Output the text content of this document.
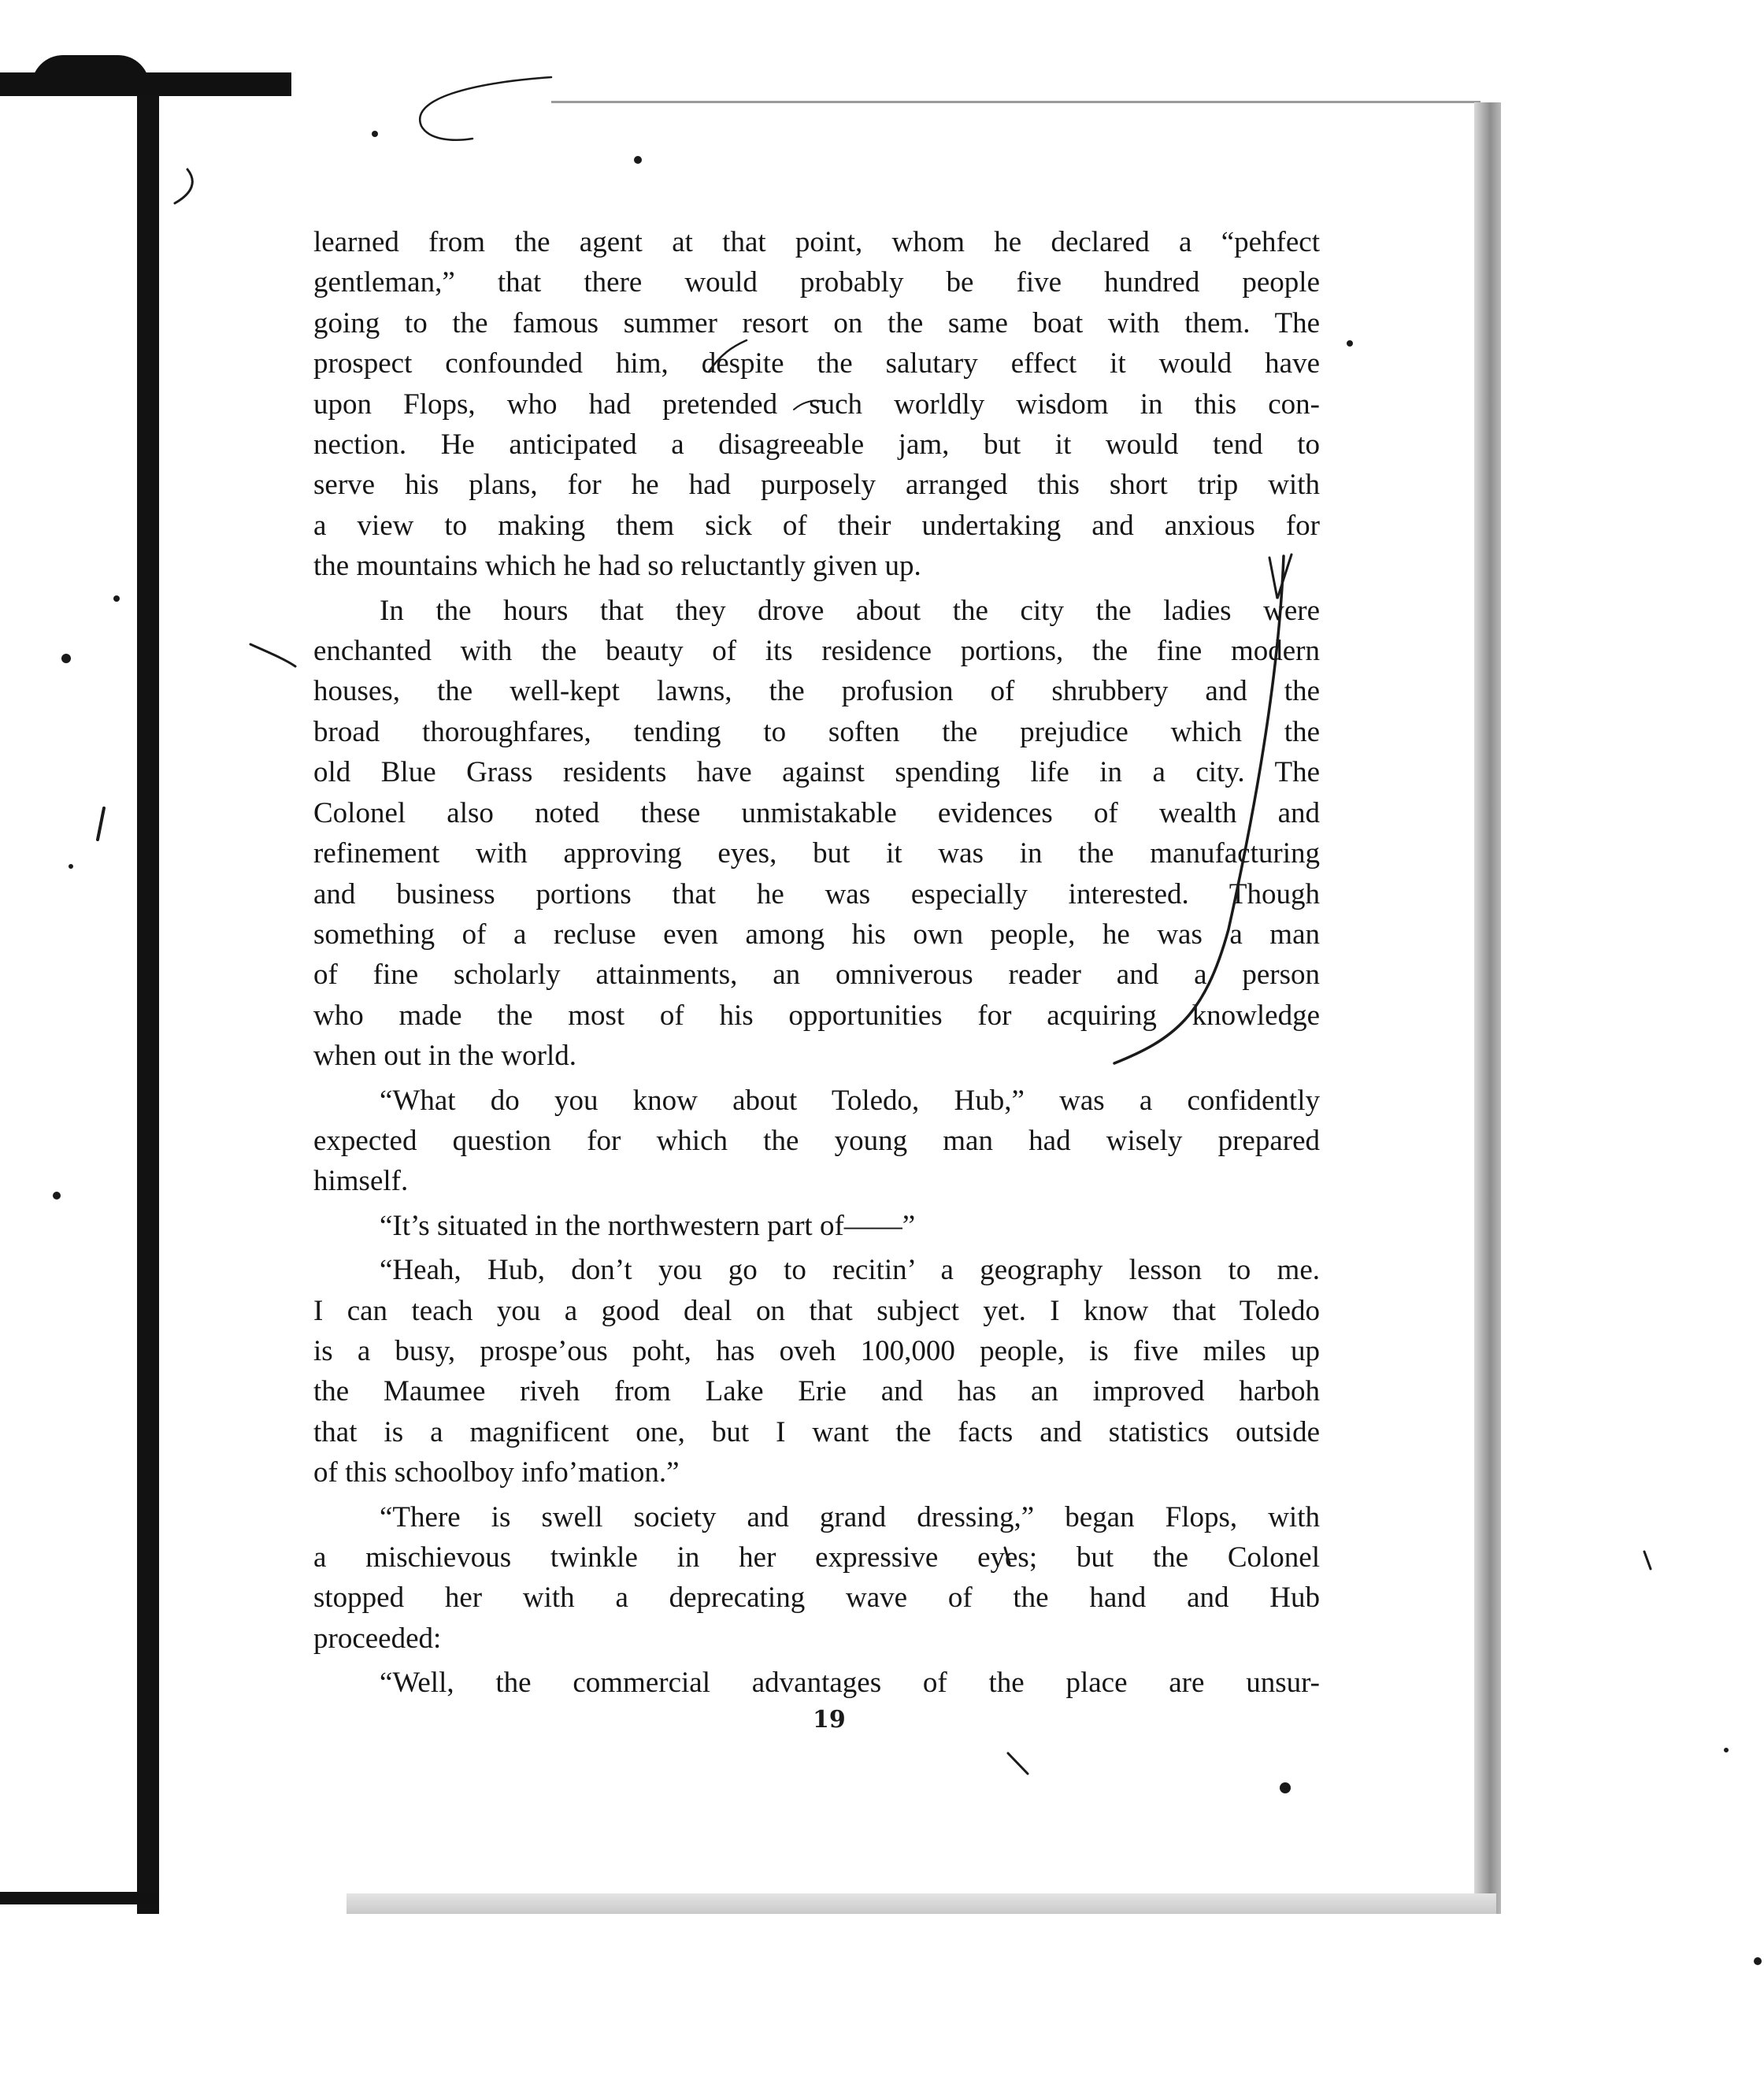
learned from the agent at that point, whom he declared a “pehfect
gentleman,” that there would probably be five hundred people
going to the famous summer resort on the same boat with them. The
prospect confounded him, despite the salutary effect it would have
upon Flops, who had pretended such worldly wisdom in this con-
nection. He anticipated a disagreeable jam, but it would tend to
serve his plans, for he had purposely arranged this short trip with
a view to making them sick of their undertaking and anxious for
the mountains which he had so reluctantly given up.
In the hours that they drove about the city the ladies were
enchanted with the beauty of its residence portions, the fine modern
houses, the well-kept lawns, the profusion of shrubbery and the
broad thoroughfares, tending to soften the prejudice which the
old Blue Grass residents have against spending life in a city. The
Colonel also noted these unmistakable evidences of wealth and
refinement with approving eyes, but it was in the manufacturing
and business portions that he was especially interested. Though
something of a recluse even among his own people, he was a man
of fine scholarly attainments, an omniverous reader and a person
who made the most of his opportunities for acquiring knowledge
when out in the world.
“What do you know about Toledo, Hub,” was a confidently
expected question for which the young man had wisely prepared
himself.
“It’s situated in the northwestern part of——”
“Heah, Hub, don’t you go to recitin’ a geography lesson to me.
I can teach you a good deal on that subject yet. I know that Toledo
is a busy, prospe’ous poht, has oveh 100,000 people, is five miles up
the Maumee riveh from Lake Erie and has an improved harboh
that is a magnificent one, but I want the facts and statistics outside
of this schoolboy info’mation.”
“There is swell society and grand dressing,” began Flops, with
a mischievous twinkle in her expressive eyes; but the Colonel
stopped her with a deprecating wave of the hand and Hub
proceeded:
“Well, the commercial advantages of the place are unsur-
19
